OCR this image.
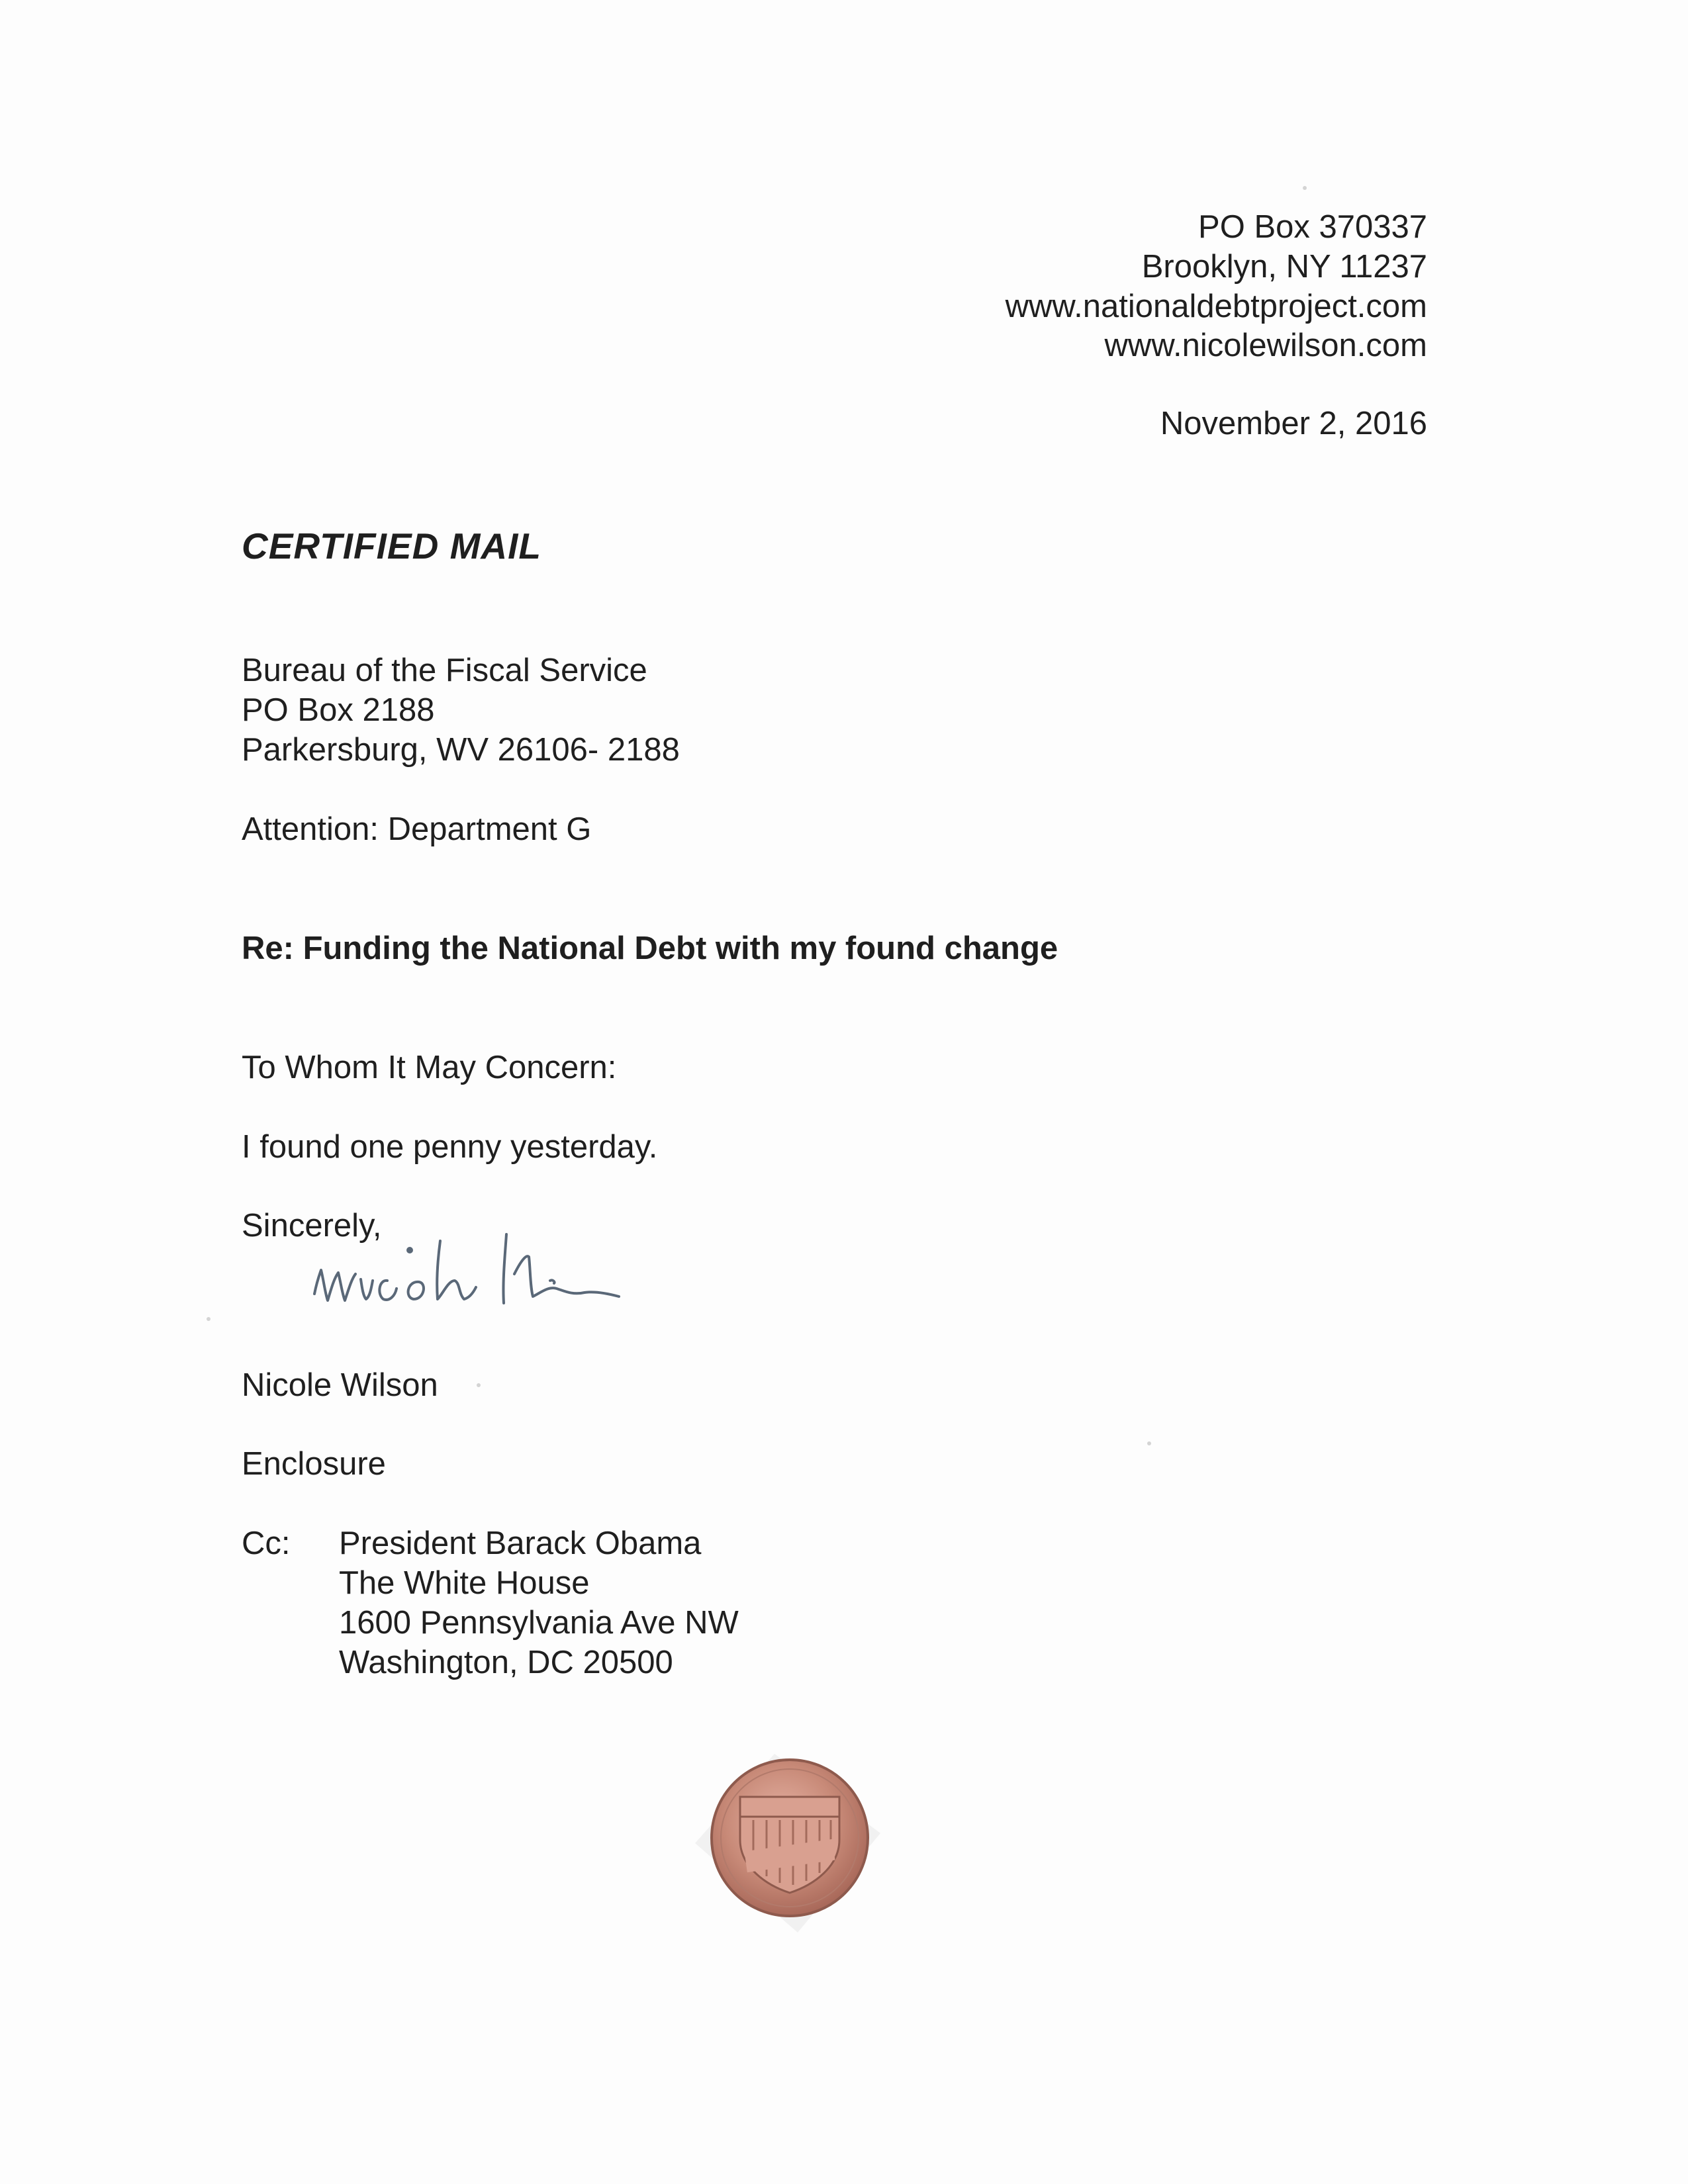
PO Box 370337
Brooklyn, NY 11237
www.nationaldebtproject.com
www.nicolewilson.com
November 2, 2016
CERTIFIED MAIL
Bureau of the Fiscal Service
PO Box 2188
Parkersburg, WV 26106- 2188
Attention: Department G
Re: Funding the National Debt with my found change
To Whom It May Concern:
I found one penny yesterday.
Sincerely,
Nicole Wilson
Enclosure
Cc: President Barack Obama
The White House
1600 Pennsylvania Ave NW
Washington, DC 20500
